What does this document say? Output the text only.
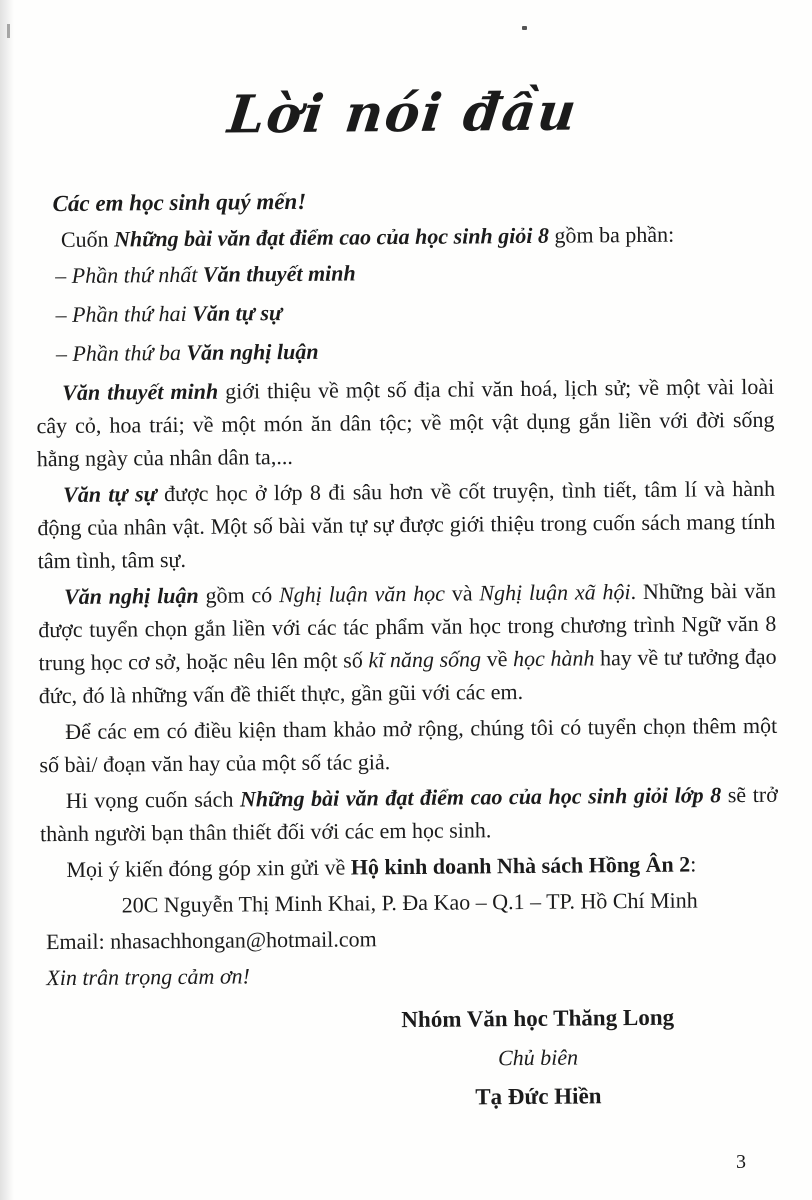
Lời nói đầu

Các em học sinh quý mến!

Cuốn Những bài văn đạt điểm cao của học sinh giỏi 8 gồm ba phần:

– Phần thứ nhất Văn thuyết minh

– Phần thứ hai Văn tự sự

– Phần thứ ba Văn nghị luận

Văn thuyết minh giới thiệu về một số địa chỉ văn hoá, lịch sử; về một vài loài cây cỏ, hoa trái; về một món ăn dân tộc; về một vật dụng gắn liền với đời sống hằng ngày của nhân dân ta,...

Văn tự sự được học ở lớp 8 đi sâu hơn về cốt truyện, tình tiết, tâm lí và hành động của nhân vật. Một số bài văn tự sự được giới thiệu trong cuốn sách mang tính tâm tình, tâm sự.

Văn nghị luận gồm có Nghị luận văn học và Nghị luận xã hội. Những bài văn được tuyển chọn gắn liền với các tác phẩm văn học trong chương trình Ngữ văn 8 trung học cơ sở, hoặc nêu lên một số kĩ năng sống về học hành hay về tư tưởng đạo đức, đó là những vấn đề thiết thực, gần gũi với các em.

Để các em có điều kiện tham khảo mở rộng, chúng tôi có tuyển chọn thêm một số bài/ đoạn văn hay của một số tác giả.

Hi vọng cuốn sách Những bài văn đạt điểm cao của học sinh giỏi lớp 8 sẽ trở thành người bạn thân thiết đối với các em học sinh.

Mọi ý kiến đóng góp xin gửi về Hộ kinh doanh Nhà sách Hồng Ân 2:

20C Nguyễn Thị Minh Khai, P. Đa Kao – Q.1 – TP. Hồ Chí Minh

Email: nhasachhongan@hotmail.com

Xin trân trọng cảm ơn!

Nhóm Văn học Thăng Long
Chủ biên
Tạ Đức Hiền
3
